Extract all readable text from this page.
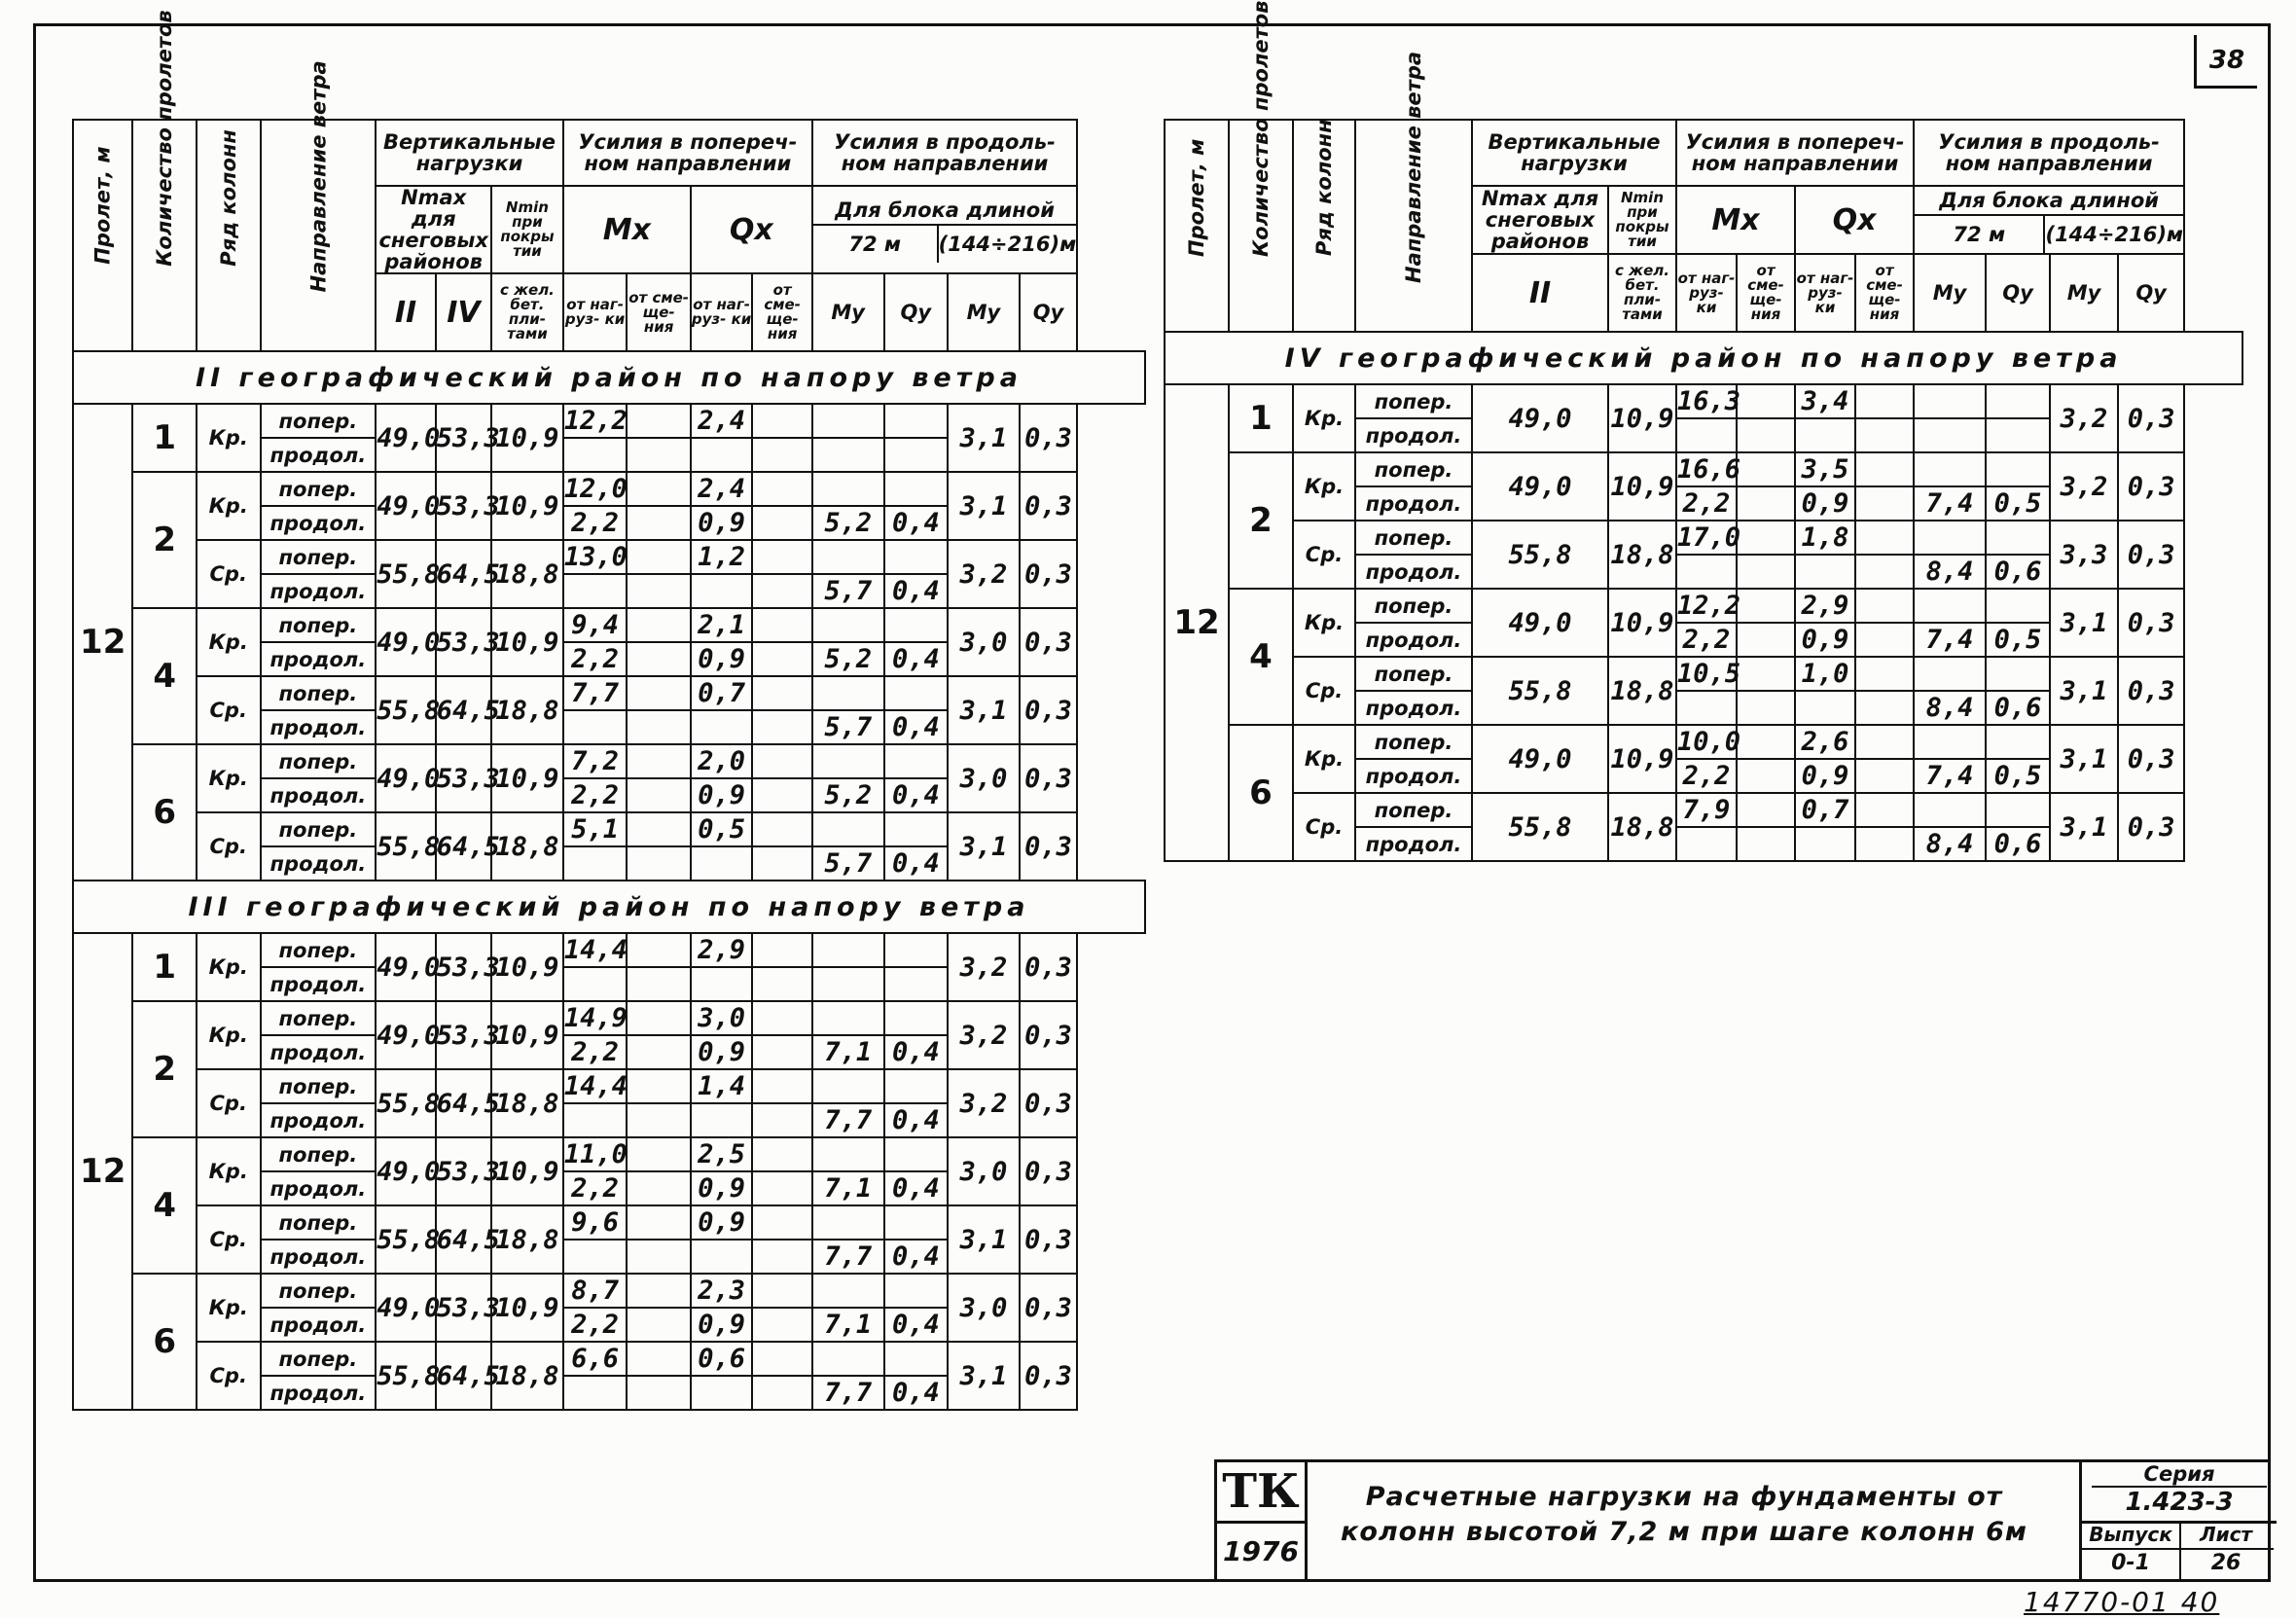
38
Пролет, м	Количество пролетов	Ряд колонн	Направление ветра	Вертикальные нагрузки			Усилия в попереч- ном направлении				Усилия в продоль- ном направлении			

				Nmax для снеговых районов		Nmin при покры тии	Mx		Qx		Для блока длиной
72 м (144÷216)м			

				II	IV	с жел. бет. пли- тами	от наг- руз- ки	от сме- ще- ния	от наг- руз- ки	от сме- ще- ния	My	Qy	My	Qy
II географический район по напору ветра														
12	1	Кр.	попер.	49,0	53,3	10,9	12,2		2,4				3,1	0,3
			продол.											
	2	Кр.	попер.	49,0	53,3	10,9	12,0		2,4				3,1	0,3
			продол.				2,2		0,9		5,2	0,4		
		Ср.	попер.	55,8	64,5	18,8	13,0		1,2				3,2	0,3
			продол.								5,7	0,4		
	4	Кр.	попер.	49,0	53,3	10,9	9,4		2,1				3,0	0,3
			продол.				2,2		0,9		5,2	0,4		
		Ср.	попер.	55,8	64,5	18,8	7,7		0,7				3,1	0,3
			продол.								5,7	0,4		
	6	Кр.	попер.	49,0	53,3	10,9	7,2		2,0				3,0	0,3
			продол.				2,2		0,9		5,2	0,4		
		Ср.	попер.	55,8	64,5	18,8	5,1		0,5				3,1	0,3
			продол.								5,7	0,4		
III географический район по напору ветра														
12	1	Кр.	попер.	49,0	53,3	10,9	14,4		2,9				3,2	0,3
			продол.											
	2	Кр.	попер.	49,0	53,3	10,9	14,9		3,0				3,2	0,3
			продол.				2,2		0,9		7,1	0,4		
		Ср.	попер.	55,8	64,5	18,8	14,4		1,4				3,2	0,3
			продол.								7,7	0,4		
	4	Кр.	попер.	49,0	53,3	10,9	11,0		2,5				3,0	0,3
			продол.				2,2		0,9		7,1	0,4		
		Ср.	попер.	55,8	64,5	18,8	9,6		0,9				3,1	0,3
			продол.								7,7	0,4		
	6	Кр.	попер.	49,0	53,3	10,9	8,7		2,3				3,0	0,3
			продол.				2,2		0,9		7,1	0,4		
		Ср.	попер.	55,8	64,5	18,8	6,6		0,6				3,1	0,3
			продол.								7,7	0,4		
Пролет, м	Количество пролетов	Ряд колонн	Направление ветра	Вертикальные нагрузки		Усилия в попереч- ном направлении				Усилия в продоль- ном направлении			

				Nmax для снеговых районов	Nmin при покры тии	Mx		Qx		Для блока длиной
72 м (144÷216)м			

				II	с жел. бет. пли- тами	от наг- руз- ки	от сме- ще- ния	от наг- руз- ки	от сме- ще- ния	My	Qy	My	Qy
IV географический район по напору ветра													
12	1	Кр.	попер.	49,0	10,9	16,3		3,4				3,2	0,3
			продол.										
	2	Кр.	попер.	49,0	10,9	16,6		3,5				3,2	0,3
			продол.			2,2		0,9		7,4	0,5		
		Ср.	попер.	55,8	18,8	17,0		1,8				3,3	0,3
			продол.							8,4	0,6		
	4	Кр.	попер.	49,0	10,9	12,2		2,9				3,1	0,3
			продол.			2,2		0,9		7,4	0,5		
		Ср.	попер.	55,8	18,8	10,5		1,0				3,1	0,3
			продол.							8,4	0,6		
	6	Кр.	попер.	49,0	10,9	10,0		2,6				3,1	0,3
			продол.			2,2		0,9		7,4	0,5		
		Ср.	попер.	55,8	18,8	7,9		0,7				3,1	0,3
			продол.							8,4	0,6		
ТК
1976
Расчетные нагрузки на фундаменты от колонн высотой 7,2 м при шаге колонн 6м
Серия
1.423-3
Выпуск
0-1
Лист
26
14770-01 40
